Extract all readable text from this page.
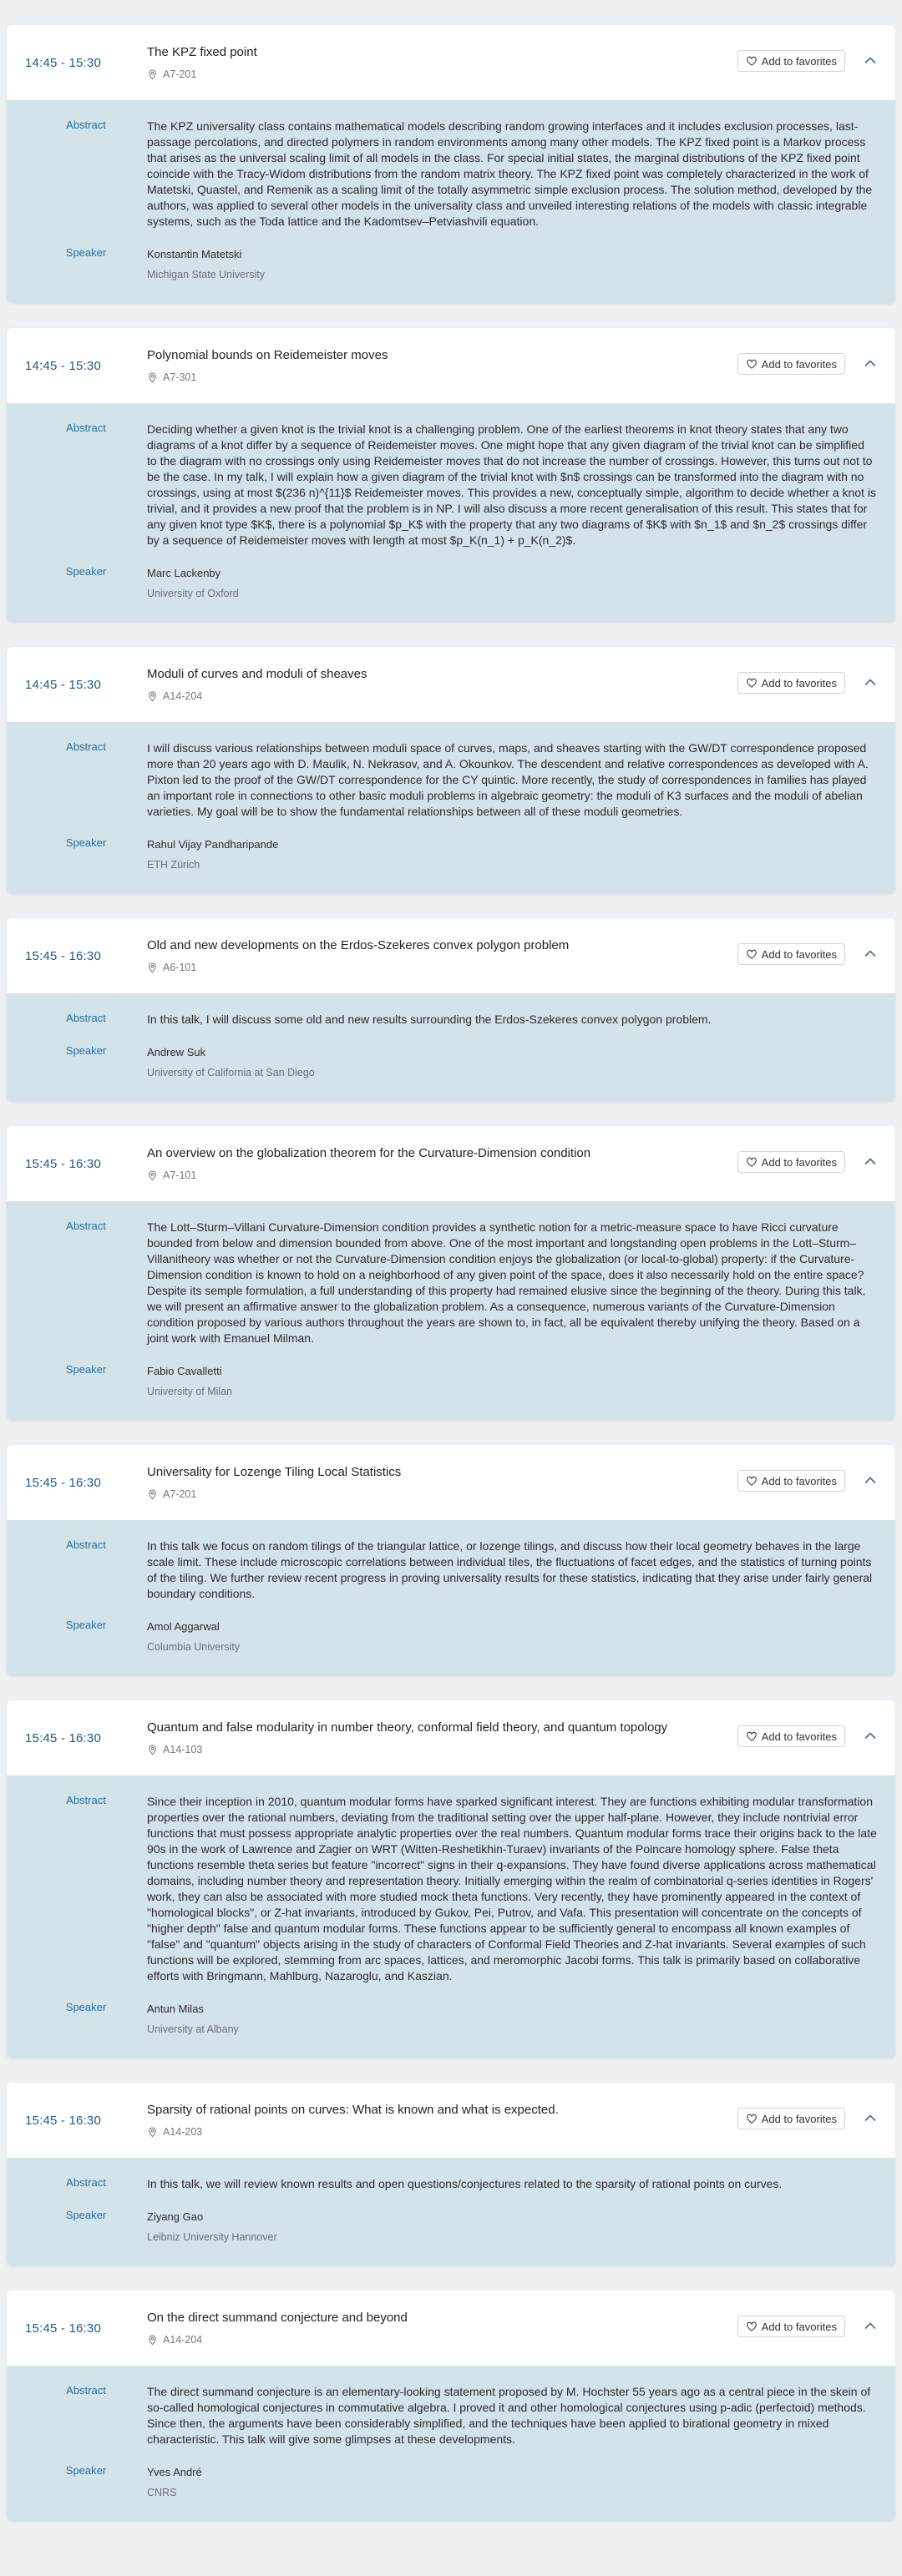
14:45 - 15:30
The KPZ fixed point
A7-201
Add to favorites
Abstract	The KPZ universality class contains mathematical models describing random growing interfaces and it includes exclusion processes, last-passage percolations, and directed polymers in random environments among many other models. The KPZ fixed point is a Markov process that arises as the universal scaling limit of all models in the class. For special initial states, the marginal distributions of the KPZ fixed point coincide with the Tracy-Widom distributions from the random matrix theory. The KPZ fixed point was completely characterized in the work of Matetski, Quastel, and Remenik as a scaling limit of the totally asymmetric simple exclusion process. The solution method, developed by the authors, was applied to several other models in the universality class and unveiled interesting relations of the models with classic integrable systems, such as the Toda lattice and the Kadomtsev–Petviashvili equation.
Speaker	Konstantin Matetski
Michigan State University
14:45 - 15:30
Polynomial bounds on Reidemeister moves
A7-301
Add to favorites
Abstract	Deciding whether a given knot is the trivial knot is a challenging problem. One of the earliest theorems in knot theory states that any two diagrams of a knot differ by a sequence of Reidemeister moves. One might hope that any given diagram of the trivial knot can be simplified to the diagram with no crossings only using Reidemeister moves that do not increase the number of crossings. However, this turns out not to be the case. In my talk, I will explain how a given diagram of the trivial knot with $n$ crossings can be transformed into the diagram with no crossings, using at most $(236 n)^{11}$ Reidemeister moves. This provides a new, conceptually simple, algorithm to decide whether a knot is trivial, and it provides a new proof that the problem is in NP. I will also discuss a more recent generalisation of this result. This states that for any given knot type $K$, there is a polynomial $p_K$ with the property that any two diagrams of $K$ with $n_1$ and $n_2$ crossings differ by a sequence of Reidemeister moves with length at most $p_K(n_1) + p_K(n_2)$.
Speaker	Marc Lackenby
University of Oxford
14:45 - 15:30
Moduli of curves and moduli of sheaves
A14-204
Add to favorites
Abstract	I will discuss various relationships between moduli space of curves, maps, and sheaves starting with the GW/DT correspondence proposed more than 20 years ago with D. Maulik, N. Nekrasov, and A. Okounkov. The descendent and relative correspondences as developed with A. Pixton led to the proof of the GW/DT correspondence for the CY quintic. More recently, the study of correspondences in families has played an important role in connections to other basic moduli problems in algebraic geometry: the moduli of K3 surfaces and the moduli of abelian varieties. My goal will be to show the fundamental relationships between all of these moduli geometries.
Speaker	Rahul Vijay Pandharipande
ETH Zürich
15:45 - 16:30
Old and new developments on the Erdos-Szekeres convex polygon problem
A6-101
Add to favorites
Abstract	In this talk, I will discuss some old and new results surrounding the Erdos-Szekeres convex polygon problem.
Speaker	Andrew Suk
University of California at San Diego
15:45 - 16:30
An overview on the globalization theorem for the Curvature-Dimension condition
A7-101
Add to favorites
Abstract	The Lott–Sturm–Villani Curvature-Dimension condition provides a synthetic notion for a metric-measure space to have Ricci curvature bounded from below and dimension bounded from above. One of the most important and longstanding open problems in the Lott–Sturm–Villanitheory was whether or not the Curvature-Dimension condition enjoys the globalization (or local-to-global) property: if the Curvature-Dimension condition is known to hold on a neighborhood of any given point of the space, does it also necessarily hold on the entire space?Despite its semple formulation, a full understanding of this property had remained elusive since the beginning of the theory. During this talk, we will present an affirmative answer to the globalization problem. As a consequence, numerous variants of the Curvature-Dimension condition proposed by various authors throughout the years are shown to, in fact, all be equivalent thereby unifying the theory. Based on a joint work with Emanuel Milman.
Speaker	Fabio Cavalletti
University of Milan
15:45 - 16:30
Universality for Lozenge Tiling Local Statistics
A7-201
Add to favorites
Abstract	In this talk we focus on random tilings of the triangular lattice, or lozenge tilings, and discuss how their local geometry behaves in the large scale limit. These include microscopic correlations between individual tiles, the fluctuations of facet edges, and the statistics of turning points of the tiling. We further review recent progress in proving universality results for these statistics, indicating that they arise under fairly general boundary conditions.
Speaker	Amol Aggarwal
Columbia University
15:45 - 16:30
Quantum and false modularity in number theory, conformal field theory, and quantum topology
A14-103
Add to favorites
Abstract	Since their inception in 2010, quantum modular forms have sparked significant interest. They are functions exhibiting modular transformation properties over the rational numbers, deviating from the traditional setting over the upper half-plane. However, they include nontrivial error functions that must possess appropriate analytic properties over the real numbers. Quantum modular forms trace their origins back to the late 90s in the work of Lawrence and Zagier on WRT (Witten-Reshetikhin-Turaev) invariants of the Poincare homology sphere. False theta functions resemble theta series but feature "incorrect" signs in their q-expansions. They have found diverse applications across mathematical domains, including number theory and representation theory. Initially emerging within the realm of combinatorial q-series identities in Rogers' work, they can also be associated with more studied mock theta functions. Very recently, they have prominently appeared in the context of "homological blocks", or Z-hat invariants, introduced by Gukov, Pei, Putrov, and Vafa. This presentation will concentrate on the concepts of "higher depth" false and quantum modular forms. These functions appear to be sufficiently general to encompass all known examples of "false" and "quantum" objects arising in the study of characters of Conformal Field Theories and Z-hat invariants. Several examples of such functions will be explored, stemming from arc spaces, lattices, and meromorphic Jacobi forms. This talk is primarily based on collaborative efforts with Bringmann, Mahlburg, Nazaroglu, and Kaszian.
Speaker	Antun Milas
University at Albany
15:45 - 16:30
Sparsity of rational points on curves: What is known and what is expected.
A14-203
Add to favorites
Abstract	In this talk, we will review known results and open questions/conjectures related to the sparsity of rational points on curves.
Speaker	Ziyang Gao
Leibniz University Hannover
15:45 - 16:30
On the direct summand conjecture and beyond
A14-204
Add to favorites
Abstract	The direct summand conjecture is an elementary-looking statement proposed by M. Hochster 55 years ago as a central piece in the skein of so-called homological conjectures in commutative algebra. I proved it and other homological conjectures using p-adic (perfectoid) methods. Since then, the arguments have been considerably simplified, and the techniques have been applied to birational geometry in mixed characteristic. This talk will give some glimpses at these developments.
Speaker	Yves André
CNRS
